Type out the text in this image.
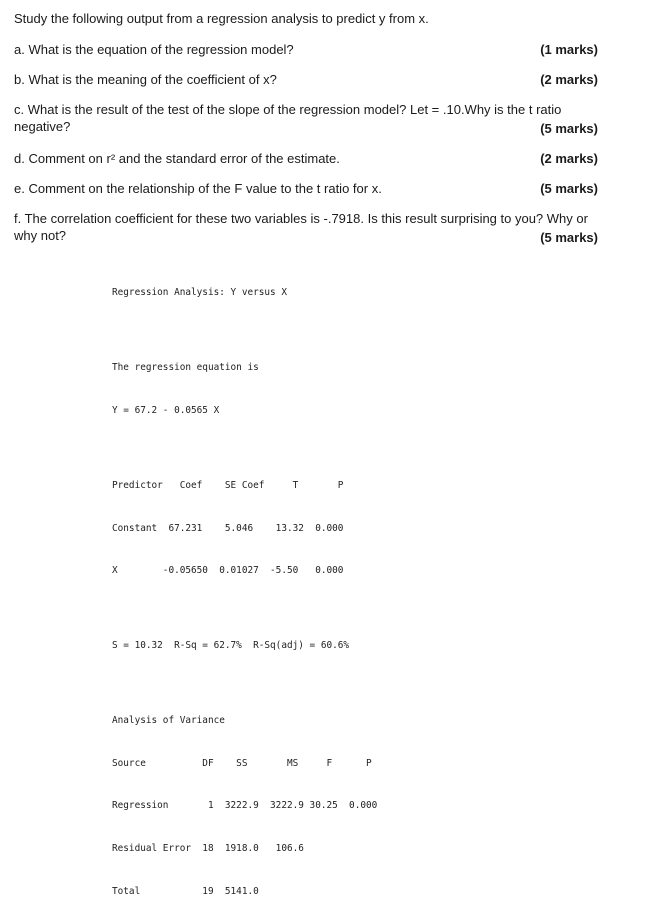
Study the following output from a regression analysis to predict y from x.
a. What is the equation of the regression model?	(1 marks)
b. What is the meaning of the coefficient of x?	(2 marks)
c. What is the result of the test of the slope of the regression model? Let = .10.Why is the t ratio
negative?	(5 marks)
d. Comment on r² and the standard error of the estimate.	(2 marks)
e. Comment on the relationship of the F value to the t ratio for x.	(5 marks)
f. The correlation coefficient for these two variables is -.7918. Is this result surprising to you? Why or
why not?	(5 marks)

Regression Analysis: Y versus X

The regression equation is

Y = 67.2 - 0.0565 X

Predictor   Coef    SE Coef     T       P

Constant  67.231    5.046    13.32  0.000

X        -0.05650  0.01027  -5.50   0.000

S = 10.32  R-Sq = 62.7%  R-Sq(adj) = 60.6%

Analysis of Variance

Source          DF    SS       MS     F      P

Regression       1  3222.9  3222.9 30.25  0.000

Residual Error  18  1918.0   106.6

Total           19  5141.0
